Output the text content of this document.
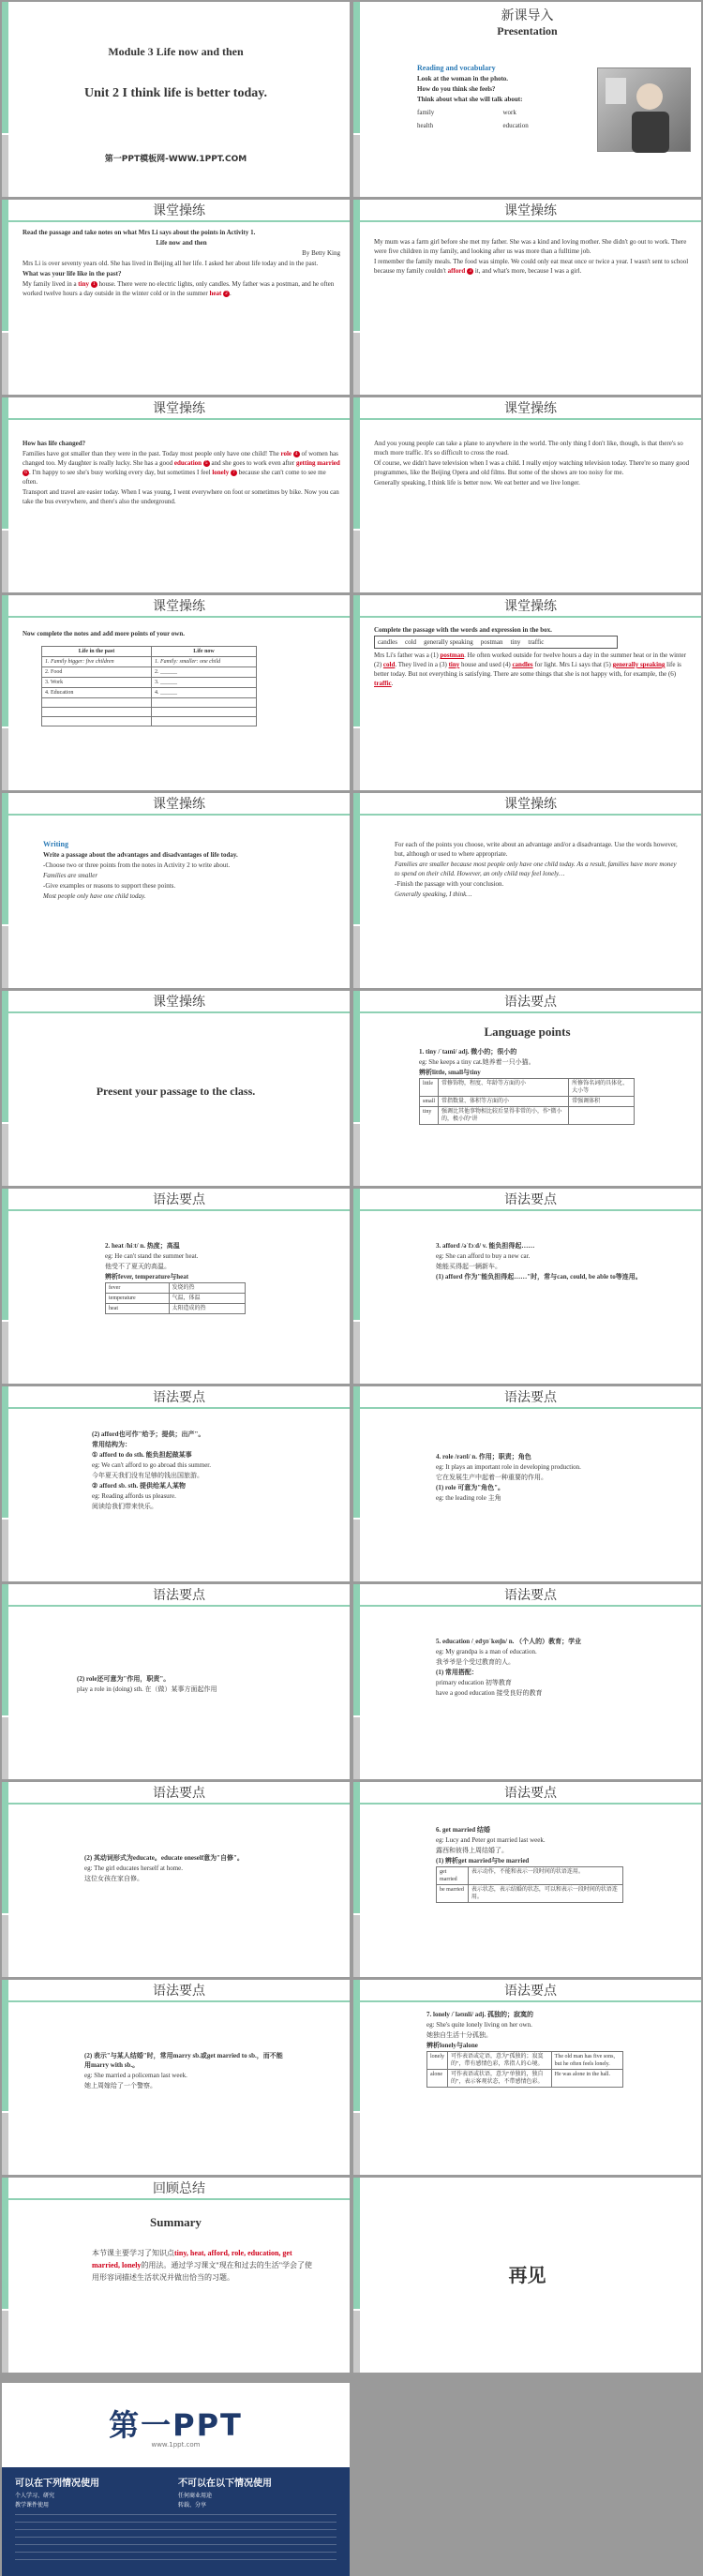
Module 3 Life now and then
Unit 2 I think life is better today.
第一PPT模板网-WWW.1PPT.COM
新课导入
Presentation

Reading and vocabulary

Look at the woman in the photo.

How do you think she feels?

Think about what she will talk about:

family	work
health	education
课堂操练

Read the passage and take notes on what Mrs Li says about the points in Activity 1.

Life now and then

By Betty King

Mrs Li is over seventy years old. She has lived in Beijing all her life. I asked her about life today and in the past.

What was your life like in the past?

My family lived in a tiny 1 house. There were no electric lights, only candles. My father was a postman, and he often worked twelve hours a day outside in the winter cold or in the summer heat 2 .

课堂操练

My mum was a farm girl before she met my father. She was a kind and loving mother. She didn't go out to work. There were five children in my family, and looking after us was more than a fulltime job.

I remember the family meals. The food was simple. We could only eat meat once or twice a year. I wasn't sent to school because my family couldn't afford 3 it, and what's more, because I was a girl.

课堂操练

How has life changed?

Families have got smaller than they were in the past. Today most people only have one child! The role 4 of women has changed too. My daughter is really lucky. She has a good education 5 and she goes to work even after getting married 6 . I'm happy to see she's busy working every day, but sometimes I feel lonely 7 because she can't come to see me often.

Transport and travel are easier today. When I was young, I went everywhere on foot or sometimes by bike. Now you can take the bus everywhere, and there's also the underground.

课堂操练

And you young people can take a plane to anywhere in the world. The only thing I don't like, though, is that there's so much more traffic. It's so difficult to cross the road.

Of course, we didn't have television when I was a child. I really enjoy watching television today. There're so many good programmes, like the Beijing Opera and old films. But some of the shows are too noisy for me.

Generally speaking, I think life is better now. We eat better and we live longer.

课堂操练

Now complete the notes and add more points of your own.

Life in the past	Life now
1. Family bigger: five children	1. Family: smaller: one child
2. Food	2. ______
3. Work	3. ______
4. Education	4. ______

课堂操练

Complete the passage with the words and expression in the box.

candles cold generally speaking postman tiny traffic

Mrs Li's father was a (1) postman. He often worked outside for twelve hours a day in the summer heat or in the winter (2) cold. They lived in a (3) tiny house and used (4) candles for light. Mrs Li says that (5) generally speaking life is better today. But not everything is satisfying. There are some things that she is not happy with, for example, the (6) traffic.

课堂操练

Writing

Write a passage about the advantages and disadvantages of life today.

-Choose two or three points from the notes in Activity 2 to write about.

Families are smaller

-Give examples or reasons to support these points.

Most people only have one child today.

课堂操练

For each of the points you choose, write about an advantage and/or a disadvantage. Use the words however, but, although or used to where appropriate.

Families are smaller because most people only have one child today. As a result, families have more money to spend on their child. However, an only child may feel lonely…

-Finish the passage with your conclusion.

Generally speaking, I think…

课堂操练
Present your passage to the class.
语法要点
Language points

1. tiny /ˈtaɪni/ adj. 微小的；很小的

eg: She keeps a tiny cat.她养着一只小猫。

辨析little, small与tiny

little	常修饰物，程度、年龄等方面的小	所修饰名词的具体化、大小等
small	常指数量、体积等方面的小	常强调体积
tiny	强调比其他事物相比较后显得非常的小，作"微小的，极小的"讲	
语法要点

2. heat /hiːt/ n. 热度；高温

eg: He can't stand the summer heat.

他受不了夏天的高温。

辨析fever, temperature与heat

fever	发烧的热
temperature	气温，体温
heat	太阳造成的热
语法要点

3. afford /əˈfɔːd/ v. 能负担得起……

eg: She can afford to buy a new car.

她能买得起一辆新车。

(1) afford 作为"能负担得起……"时，常与can, could, be able to等连用。

语法要点

(2) afford也可作"给予；提供；出产"。

常用结构为：

① afford to do sth. 能负担起做某事

eg: We can't afford to go abroad this summer.

今年夏天我们没有足够的钱出国旅游。

② afford sb. sth. 提供给某人某物

eg: Reading affords us pleasure.

阅读给我们带来快乐。

语法要点

4. role /rəʊl/ n. 作用；职责；角色

eg: It plays an important role in developing production.

它在发展生产中起着一种重要的作用。

(1) role 可意为"角色"。

eg: the leading role 主角

语法要点

(2) role还可意为"作用，职责"。

play a role in (doing) sth. 在（做）某事方面起作用

语法要点

5. education /ˌedʒʊˈkeɪʃn/ n. （个人的）教育；学业

eg: My grandpa is a man of education.

我爷爷是个受过教育的人。

(1) 常用搭配：

primary education 初等教育

have a good education 接受良好的教育

语法要点

(2) 其动词形式为educate。educate oneself意为"自修"。

eg: The girl educates herself at home.

这位女孩在家自修。

语法要点

6. get married 结婚

eg: Lucy and Peter got married last week.

露西和彼得上周结婚了。

(1) 辨析get married与be married

get married	表示动作，不能和表示一段时间的状语连用。
be married	表示状态，表示结婚的状态，可以和表示一段时间的状语连用。
语法要点

(2) 表示"与某人结婚"时，常用marry sb.或get married to sb.，而不能用marry with sb.。

eg: She married a policeman last week.

她上周嫁给了一个警察。

语法要点

7. lonely /ˈləʊnli/ adj. 孤独的；寂寞的

eg: She's quite lonely living on her own.

她独自生活十分孤独。

辨析lonely与alone

lonely	可作表语或定语，意为"孤独的；寂寞的"，带有感情色彩，常指人的心境。	The old man has five sons, but he often feels lonely.
alone	可作表语或状语，意为"单独的，独自的"，表示客观状态，不带感情色彩。	He was alone in the hall.
回顾总结
Summary
本节课主要学习了知识点tiny, heat, afford, role, education, get married, lonely的用法。通过学习课文"现在和过去的生活"学会了使用形容词描述生活状况并做出恰当的习题。	再见
第一PPT
www.1ppt.com
可以在下列情况使用	不可以在以下情况使用
个人学习、研究
教学课件使用
任何商业用途
转载、分享
